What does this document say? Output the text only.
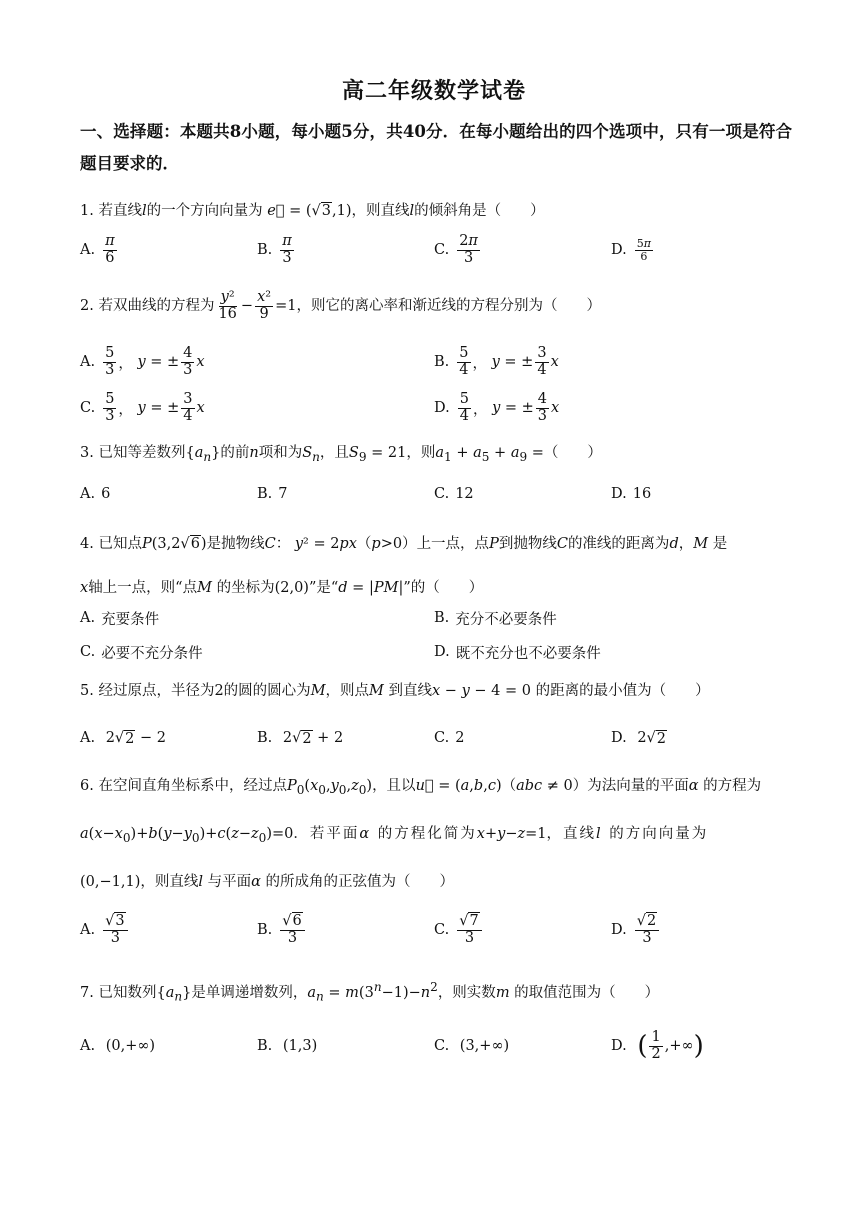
高二年级数学试卷
一、选择题：本题共8小题，每小题5分，共40分．在每小题给出的四个选项中，只有一项是符合题目要求的．
1. 若直线l的一个方向向量为 e⃗ = (√3,1)，则直线l的倾斜角是（　　）
A. $\frac{\pi}{6}$	B. $\frac{\pi}{3}$	C. $\frac{2\pi}{3}$	D. $\frac{5\pi}{6}$
2. 若双曲线的方程为 $\frac{\text{y²}}{16} - \frac{\text{x²}}{9} =1$，则它的离心率和渐近线的方程分别为（　　）
A. $\frac{5}{3}$ ， y = ± $\frac{4}{3}$ x	B. $\frac{5}{4}$ ， y = ± $\frac{3}{4}$ x
C. $\frac{5}{3}$ ， y = ± $\frac{3}{4}$ x	D. $\frac{5}{4}$ ， y = ± $\frac{4}{3}$ x
3. 已知等差数列$\{a_n\}$的前n项和为$S_n$，且$S_9 = 21$，则$a_1 + a_5 + a_9$ =（　　）
A. 6	B. 7	C. 12	D. 16
4. 已知点P(3,2√6)是抛物线C： y² = 2px（p>0）上一点，点P到抛物线C的准线的距离为d，M 是
x轴上一点，则“点M 的坐标为(2,0)”是“d = |PM|”的（　　）
A. 充要条件	B. 充分不必要条件
C. 必要不充分条件	D. 既不充分也不必要条件
5. 经过原点，半径为2的圆的圆心为M，则点M 到直线x − y − 4 = 0 的距离的最小值为（　　）
A. 2√ 2 − 2	B. 2√ 2 + 2	C. 2	D. 2√ 2
6. 在空间直角坐标系中，经过点$P_0(x_0,y_0,z_0)$，且以u⃗ = (a,b,c)（abc ≠ 0）为法向量的平面α 的方程为
$a(x-x_0)+b(y-y_0)+c(z-z_0)=0$．若平面α 的方程化简为x+y−z=1，直线l 的方向向量为
(0,−1,1)，则直线l 与平面α 的所成角的正弦值为（　　）
A. $\frac{√3}{3}$	B. $\frac{√6}{3}$	C. $\frac{√7}{3}$	D. $\frac{√2}{3}$
7. 已知数列$\{a_n\}$是单调递增数列，$a_n = m(3^n-1)-n^2$，则实数m 的取值范围为（　　）
A. (0,+∞)	B. (1,3)	C. (3,+∞)	D.
( $\frac{1}{2}$ ,+∞ )
